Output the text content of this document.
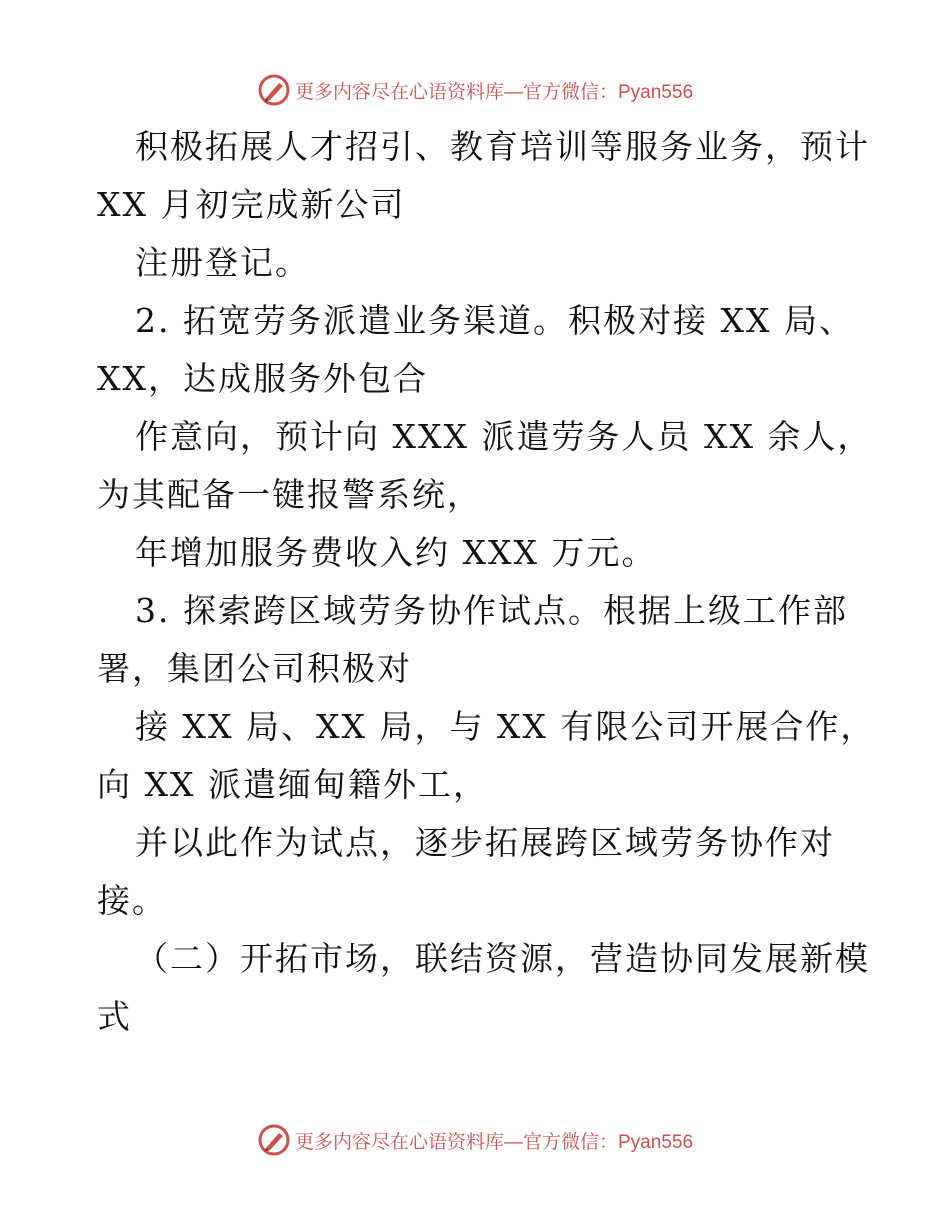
更多内容尽在心语资料库 —官方微信：Pyan556
积极拓展人才招引、教育培训等服务业务，预计
XX 月初完成新公司
注册登记。
2. 拓宽劳务派遣业务渠道。积极对接 XX 局、
XX，达成服务外包合
作意向，预计向 XXX 派遣劳务人员 XX 余人，
为其配备一键报警系统，
年增加服务费收入约 XXX 万元。
3. 探索跨区域劳务协作试点。根据上级工作部
署，集团公司积极对
接 XX 局、XX 局，与 XX 有限公司开展合作，
向 XX 派遣缅甸籍外工，
并以此作为试点，逐步拓展跨区域劳务协作对
接。
（二）开拓市场，联结资源，营造协同发展新模
式
更多内容尽在心语资料库 —官方微信：Pyan556
